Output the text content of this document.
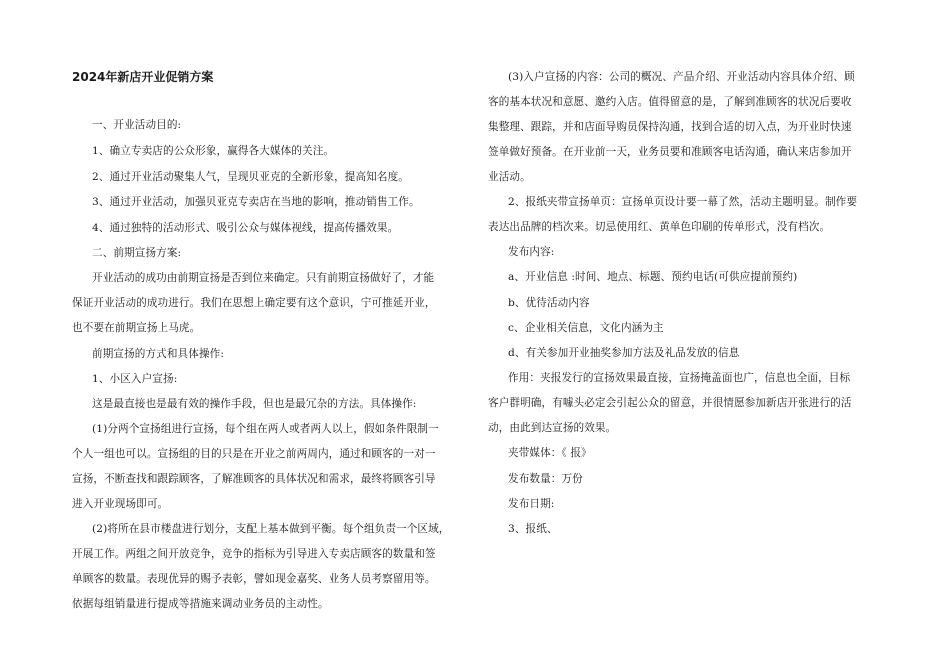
2024年新店开业促销方案
一、开业活动目的:
1、确立专卖店的公众形象，赢得各大媒体的关注。
2、通过开业活动聚集人气，呈现贝亚克的全新形象，提高知名度。
3、通过开业活动，加强贝亚克专卖店在当地的影响，推动销售工作。
4、通过独特的活动形式、吸引公众与媒体视线，提高传播效果。
二、前期宣扬方案:
开业活动的成功由前期宣扬是否到位来确定。只有前期宣扬做好了，才能
保证开业活动的成功进行。我们在思想上确定要有这个意识，宁可推延开业，
也不要在前期宣扬上马虎。
前期宣扬的方式和具体操作:
1、小区入户宣扬:
这是最直接也是最有效的操作手段，但也是最冗杂的方法。具体操作:
(1)分两个宣扬组进行宣扬，每个组在两人或者两人以上，假如条件限制一
个人一组也可以。宣扬组的目的只是在开业之前两周内，通过和顾客的一对一
宣扬，不断查找和跟踪顾客，了解准顾客的具体状况和需求，最终将顾客引导
进入开业现场即可。
(2)将所在县市楼盘进行划分，支配上基本做到平衡。每个组负责一个区域，
开展工作。两组之间开放竞争，竞争的指标为引导进入专卖店顾客的数量和签
单顾客的数量。表现优异的赐予表彰，譬如现金嘉奖、业务人员考察留用等。
依据每组销量进行提成等措施来调动业务员的主动性。
(3)入户宣扬的内容：公司的概况、产品介绍、开业活动内容具体介绍、顾
客的基本状况和意愿、邀约入店。值得留意的是，了解到准顾客的状况后要收
集整理、跟踪，并和店面导购员保持沟通，找到合适的切入点，为开业时快速
签单做好预备。在开业前一天，业务员要和准顾客电话沟通，确认来店参加开
业活动。
2、报纸夹带宣扬单页：宣扬单页设计要一幕了然，活动主题明显。制作要
表达出品牌的档次来。切忌使用红、黄单色印刷的传单形式，没有档次。
发布内容:
a、开业信息 :时间、地点、标题、预约电话(可供应提前预约)
b、优待活动内容
c、企业相关信息，文化内涵为主
d、有关参加开业抽奖参加方法及礼品发放的信息
作用：夹报发行的宣扬效果最直接，宣扬掩盖面也广，信息也全面，目标
客户群明确，有噱头必定会引起公众的留意，并很情愿参加新店开张进行的活
动，由此到达宣扬的效果。
夹带媒体：《 报》
发布数量：万份
发布日期:
3、报纸、
